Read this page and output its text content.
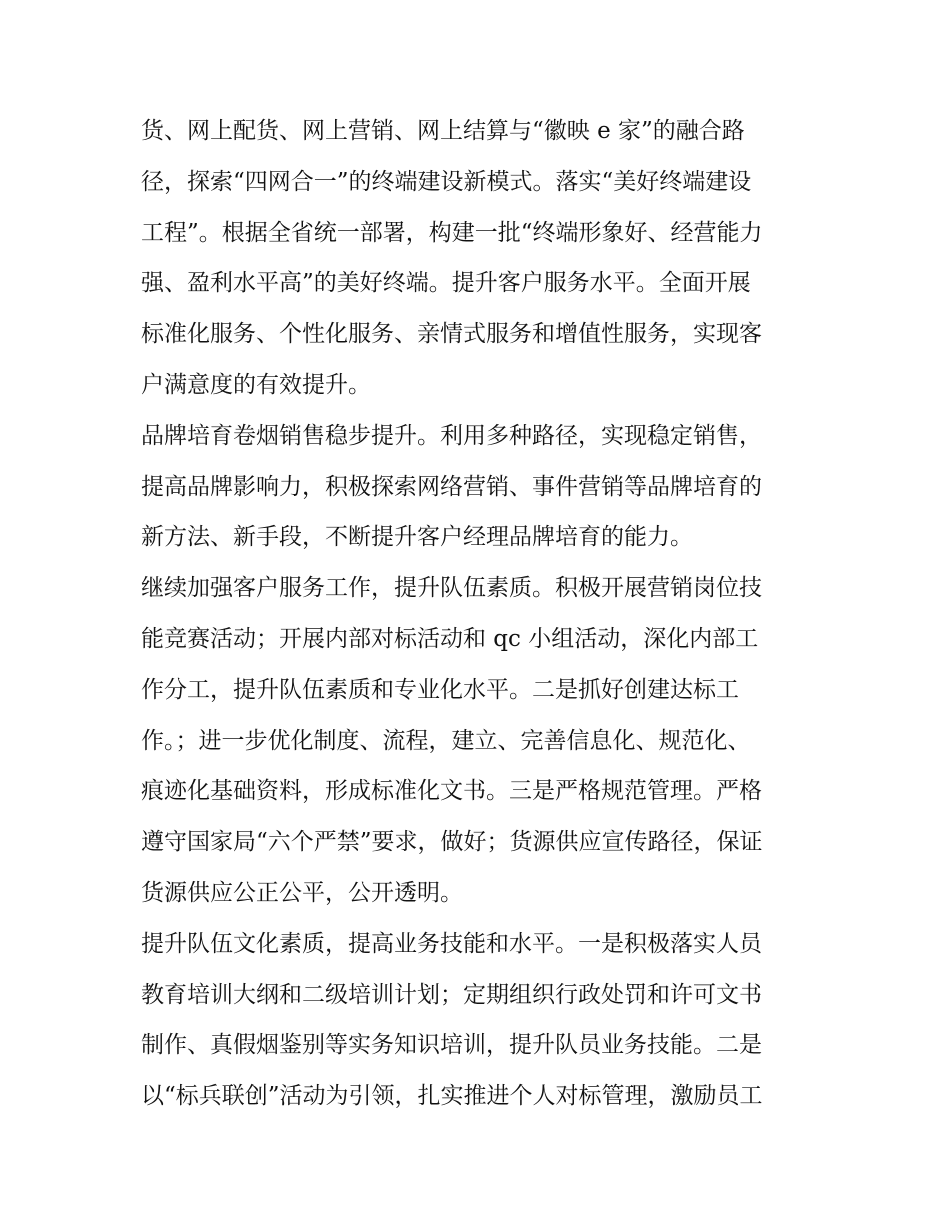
货、网上配货、网上营销、网上结算与“徽映 e 家”的融合路
径，探索“四网合一”的终端建设新模式。落实“美好终端建设
工程”。根据全省统一部署，构建一批“终端形象好、经营能力
强、盈利水平高”的美好终端。提升客户服务水平。全面开展
标准化服务、个性化服务、亲情式服务和增值性服务，实现客
户满意度的有效提升。
品牌培育卷烟销售稳步提升。利用多种路径，实现稳定销售，
提高品牌影响力，积极探索网络营销、事件营销等品牌培育的
新方法、新手段，不断提升客户经理品牌培育的能力。
继续加强客户服务工作，提升队伍素质。积极开展营销岗位技
能竞赛活动；开展内部对标活动和 qc 小组活动，深化内部工
作分工，提升队伍素质和专业化水平。二是抓好创建达标工
作。；进一步优化制度、流程，建立、完善信息化、规范化、
痕迹化基础资料，形成标准化文书。三是严格规范管理。严格
遵守国家局“六个严禁”要求，做好；货源供应宣传路径，保证
货源供应公正公平，公开透明。
提升队伍文化素质，提高业务技能和水平。一是积极落实人员
教育培训大纲和二级培训计划；定期组织行政处罚和许可文书
制作、真假烟鉴别等实务知识培训，提升队员业务技能。二是
以“标兵联创”活动为引领，扎实推进个人对标管理，激励员工
